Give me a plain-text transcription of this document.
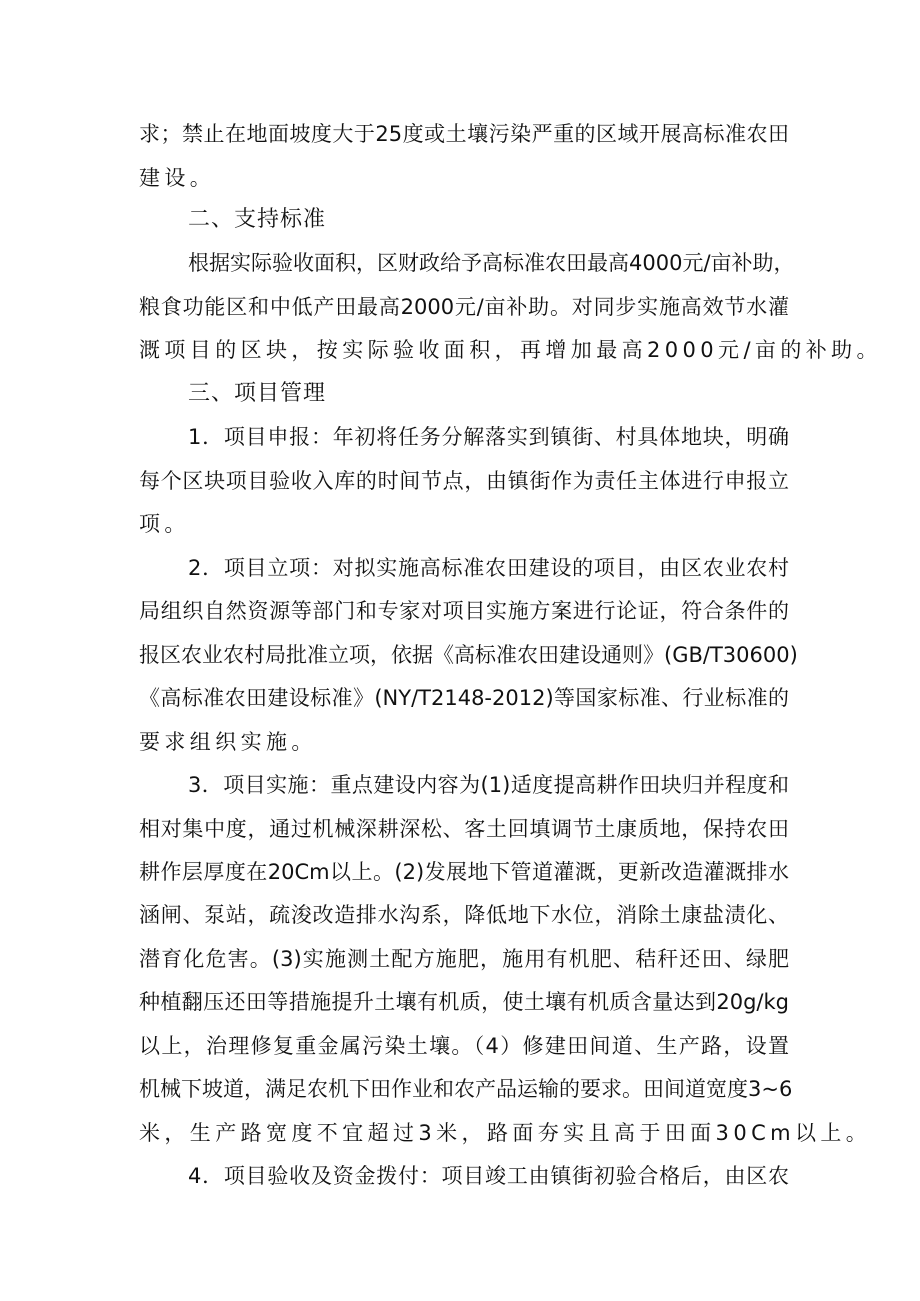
求；禁止在地面坡度大于25度或土壤污染严重的区域开展高标准农田
建设。
二、支持标准
根据实际验收面积，区财政给予高标准农田最高4000元/亩补助，
粮食功能区和中低产田最高2000元/亩补助。对同步实施高效节水灌
溉项目的区块，按实际验收面积，再增加最高2000元/亩的补助。
三、项目管理
1．项目申报：年初将任务分解落实到镇街、村具体地块，明确
每个区块项目验收入库的时间节点，由镇街作为责任主体进行申报立
项。
2．项目立项：对拟实施高标准农田建设的项目，由区农业农村
局组织自然资源等部门和专家对项目实施方案进行论证，符合条件的
报区农业农村局批准立项，依据《高标准农田建设通则》(GB/T30600)
《高标准农田建设标准》(NY/T2148-2012)等国家标准、行业标准的
要求组织实施。
3．项目实施：重点建设内容为(1)适度提高耕作田块归并程度和
相对集中度，通过机械深耕深松、客土回填调节土康质地，保持农田
耕作层厚度在20Cm以上。(2)发展地下管道灌溉，更新改造灌溉排水
涵闸、泵站，疏浚改造排水沟系，降低地下水位，消除土康盐渍化、
潜育化危害。(3)实施测土配方施肥，施用有机肥、秸秆还田、绿肥
种植翻压还田等措施提升土壤有机质，使土壤有机质含量达到20g/kg
以上，治理修复重金属污染土壤。（4）修建田间道、生产路，设置
机械下坡道，满足农机下田作业和农产品运输的要求。田间道宽度3~6
米，生产路宽度不宜超过3米，路面夯实且高于田面30Cm以上。
4．项目验收及资金拨付：项目竣工由镇街初验合格后，由区农
